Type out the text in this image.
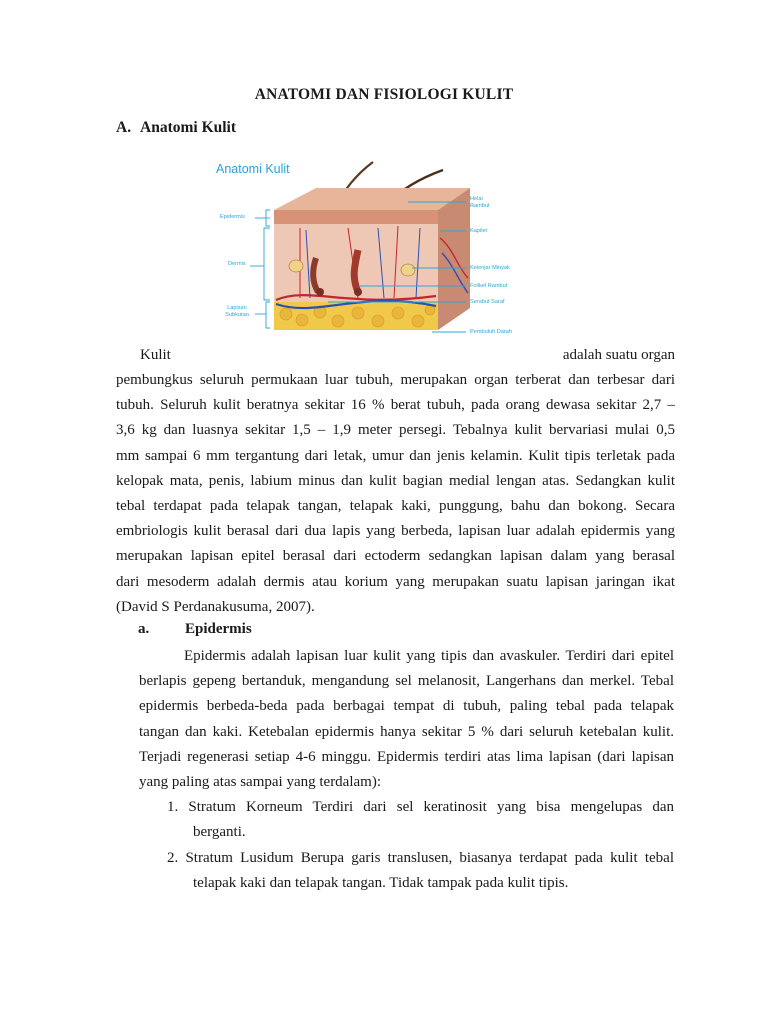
ANATOMI DAN FISIOLOGI KULIT
A. Anatomi Kulit
Anatomi Kulit
Epidermis
Dermis
Lapisan Subkutan
Helai Rambut
Kapiler
Kelenjar Minyak
Folikel Rambut
Serabut Saraf
Pembuluh Darah
Kulit	adalah suatu organ
pembungkus seluruh permukaan luar tubuh, merupakan organ terberat dan terbesar dari
tubuh. Seluruh kulit beratnya sekitar 16 % berat tubuh, pada orang dewasa sekitar 2,7 –
3,6 kg dan luasnya sekitar 1,5 – 1,9 meter persegi. Tebalnya kulit bervariasi mulai 0,5
mm sampai 6 mm tergantung dari letak, umur dan jenis kelamin. Kulit tipis terletak pada
kelopak mata, penis, labium minus dan kulit bagian medial lengan atas. Sedangkan kulit
tebal terdapat pada telapak tangan, telapak kaki, punggung, bahu dan bokong. Secara
embriologis kulit berasal dari dua lapis yang berbeda, lapisan luar adalah epidermis yang
merupakan lapisan epitel berasal dari ectoderm sedangkan lapisan dalam yang berasal
dari mesoderm adalah dermis atau korium yang merupakan suatu lapisan jaringan ikat
(David S Perdanakusuma, 2007).
a. Epidermis
Epidermis adalah lapisan luar kulit yang tipis dan avaskuler. Terdiri dari epitel
berlapis gepeng bertanduk, mengandung sel melanosit, Langerhans dan merkel. Tebal
epidermis berbeda-beda pada berbagai tempat di tubuh, paling tebal pada telapak
tangan dan kaki. Ketebalan epidermis hanya sekitar 5 % dari seluruh ketebalan kulit.
Terjadi regenerasi setiap 4-6 minggu. Epidermis terdiri atas lima lapisan (dari lapisan
yang paling atas sampai yang terdalam):
1. Stratum Korneum Terdiri dari sel keratinosit yang bisa mengelupas dan
berganti.
2. Stratum Lusidum Berupa garis translusen, biasanya terdapat pada kulit tebal
telapak kaki dan telapak tangan. Tidak tampak pada kulit tipis.
